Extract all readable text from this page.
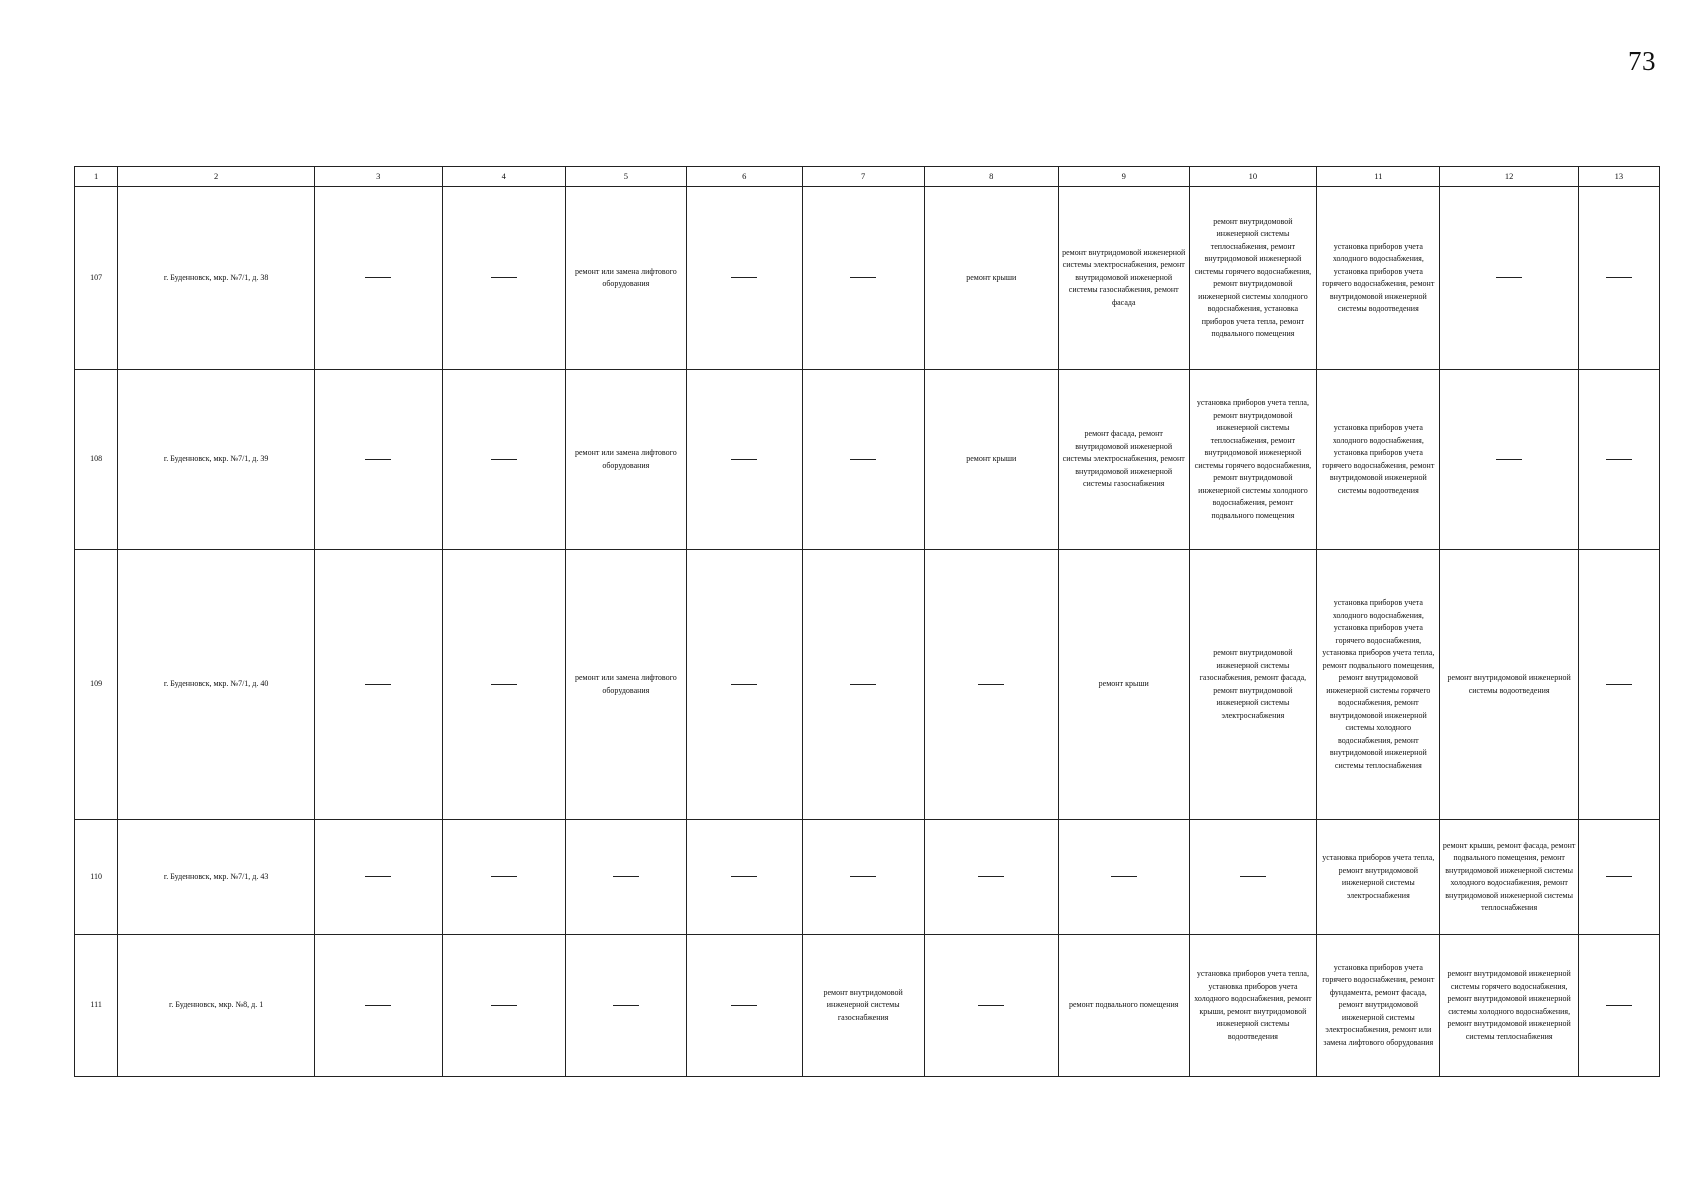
73
1	2	3	4	5	6	7	8	9	10	11	12	13
107	г. Буденновск, мкр. №7/1, д. 38			ремонт или замена лифтового оборудования			ремонт крыши	ремонт внутридомовой инженерной системы электроснабжения, ремонт внутридомовой инженерной системы газоснабжения, ремонт фасада	ремонт внутридомовой инженерной системы теплоснабжения, ремонт внутридомовой инженерной системы горячего водоснабжения, ремонт внутридомовой инженерной системы холодного водоснабжения, установка приборов учета тепла, ремонт подвального помещения	установка приборов учета холодного водоснабжения, установка приборов учета горячего водоснабжения, ремонт внутридомовой инженерной системы водоотведения		
108	г. Буденновск, мкр. №7/1, д. 39			ремонт или замена лифтового оборудования			ремонт крыши	ремонт фасада, ремонт внутридомовой инженерной системы электроснабжения, ремонт внутридомовой инженерной системы газоснабжения	установка приборов учета тепла, ремонт внутридомовой инженерной системы теплоснабжения, ремонт внутридомовой инженерной системы горячего водоснабжения, ремонт внутридомовой инженерной системы холодного водоснабжения, ремонт подвального помещения	установка приборов учета холодного водоснабжения, установка приборов учета горячего водоснабжения, ремонт внутридомовой инженерной системы водоотведения		
109	г. Буденновск, мкр. №7/1, д. 40			ремонт или замена лифтового оборудования				ремонт крыши	ремонт внутридомовой инженерной системы газоснабжения, ремонт фасада, ремонт внутридомовой инженерной системы электроснабжения	установка приборов учета холодного водоснабжения, установка приборов учета горячего водоснабжения, установка приборов учета тепла, ремонт подвального помещения, ремонт внутридомовой инженерной системы горячего водоснабжения, ремонт внутридомовой инженерной системы холодного водоснабжения, ремонт внутридомовой инженерной системы теплоснабжения	ремонт внутридомовой инженерной системы водоотведения	
110	г. Буденновск, мкр. №7/1, д. 43									установка приборов учета тепла, ремонт внутридомовой инженерной системы электроснабжения	ремонт крыши, ремонт фасада, ремонт подвального помещения, ремонт внутридомовой инженерной системы холодного водоснабжения, ремонт внутридомовой инженерной системы теплоснабжения	
111	г. Буденновск, мкр. №8, д. 1					ремонт внутридомовой инженерной системы газоснабжения		ремонт подвального помещения	установка приборов учета тепла, установка приборов учета холодного водоснабжения, ремонт крыши, ремонт внутридомовой инженерной системы водоотведения	установка приборов учета горячего водоснабжения, ремонт фундамента, ремонт фасада, ремонт внутридомовой инженерной системы электроснабжения, ремонт или замена лифтового оборудования	ремонт внутридомовой инженерной системы горячего водоснабжения, ремонт внутридомовой инженерной системы холодного водоснабжения, ремонт внутридомовой инженерной системы теплоснабжения	
